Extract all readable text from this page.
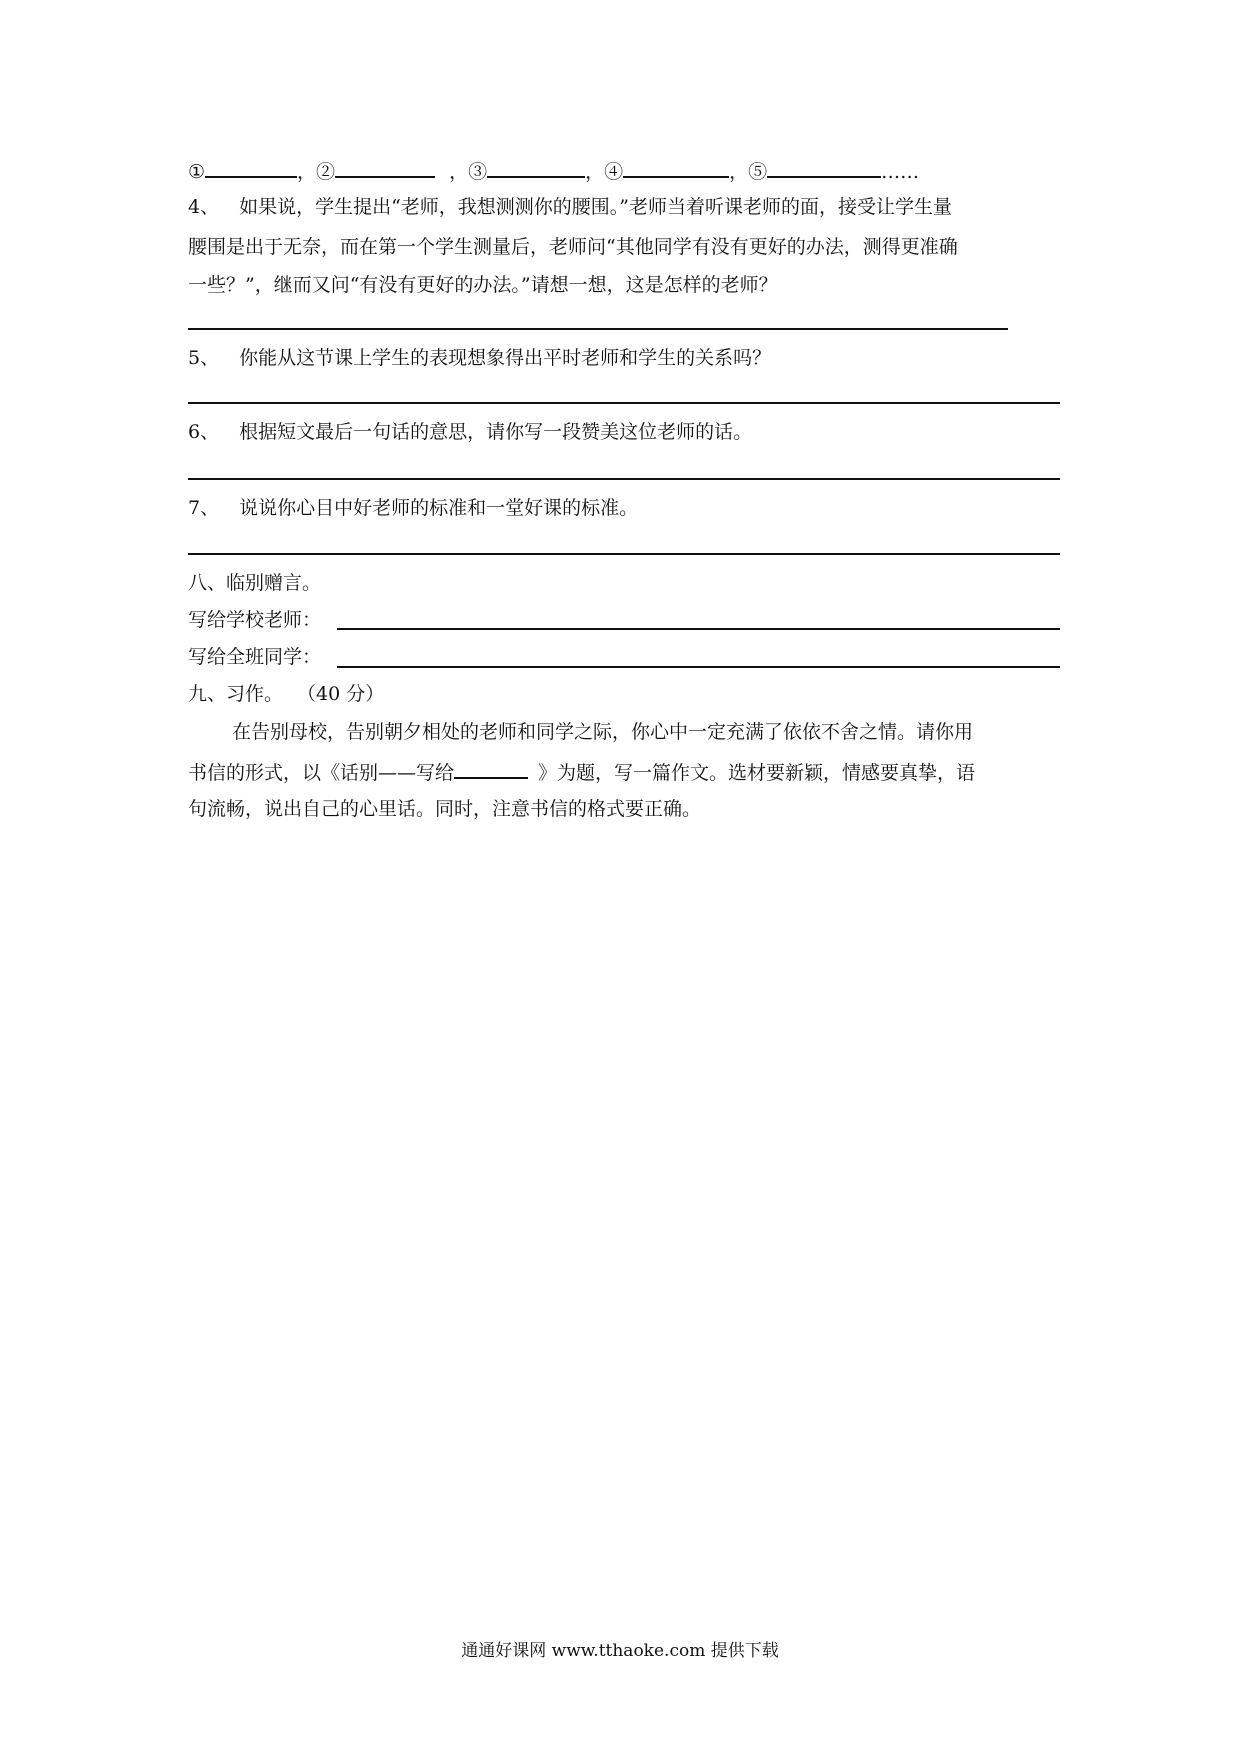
①	，②	，③	，④	，⑤	……
4、 如果说，学生提出“老师，我想测测你的腰围。”老师当着听课老师的面，接受让学生量
腰围是出于无奈，而在第一个学生测量后，老师问“其他同学有没有更好的办法，测得更准确
一些？”，继而又问“有没有更好的办法。”请想一想，这是怎样的老师？
5、 你能从这节课上学生的表现想象得出平时老师和学生的关系吗？
6、 根据短文最后一句话的意思，请你写一段赞美这位老师的话。
7、 说说你心目中好老师的标准和一堂好课的标准。
八、临别赠言。
写给学校老师：
写给全班同学：
九、习作。 （40 分）
在告别母校，告别朝夕相处的老师和同学之际，你心中一定充满了依依不舍之情。请你用
书信的形式，以《话别——写给	》为题，写一篇作文。选材要新颖，情感要真挚，语
句流畅，说出自己的心里话。同时，注意书信的格式要正确。
通通好课网 www.tthaoke.com 提供下载
